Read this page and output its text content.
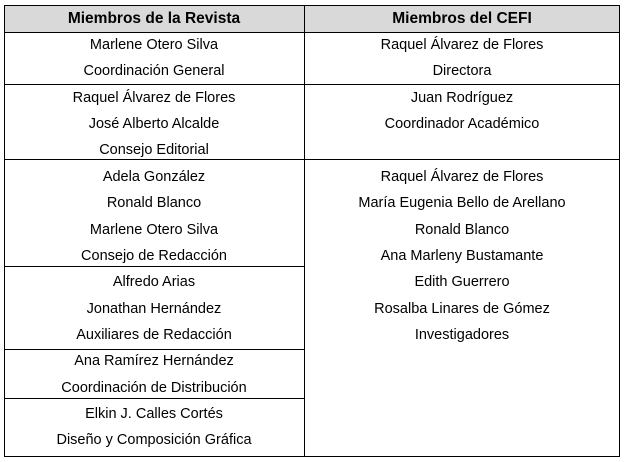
Miembros de la Revista	Miembros del CEFI
Marlene Otero Silva
Coordinación General
Raquel Álvarez de Flores
José Alberto Alcalde
Consejo Editorial
Adela González
Ronald Blanco
Marlene Otero Silva
Consejo de Redacción
Alfredo Arias
Jonathan Hernández
Auxiliares de Redacción
Ana Ramírez Hernández
Coordinación de Distribución
Elkin J. Calles Cortés
Diseño y Composición Gráfica
Raquel Álvarez de Flores
Directora
Juan Rodríguez
Coordinador Académico
Raquel Álvarez de Flores
María Eugenia Bello de Arellano
Ronald Blanco
Ana Marleny Bustamante
Edith Guerrero
Rosalba Linares de Gómez
Investigadores
